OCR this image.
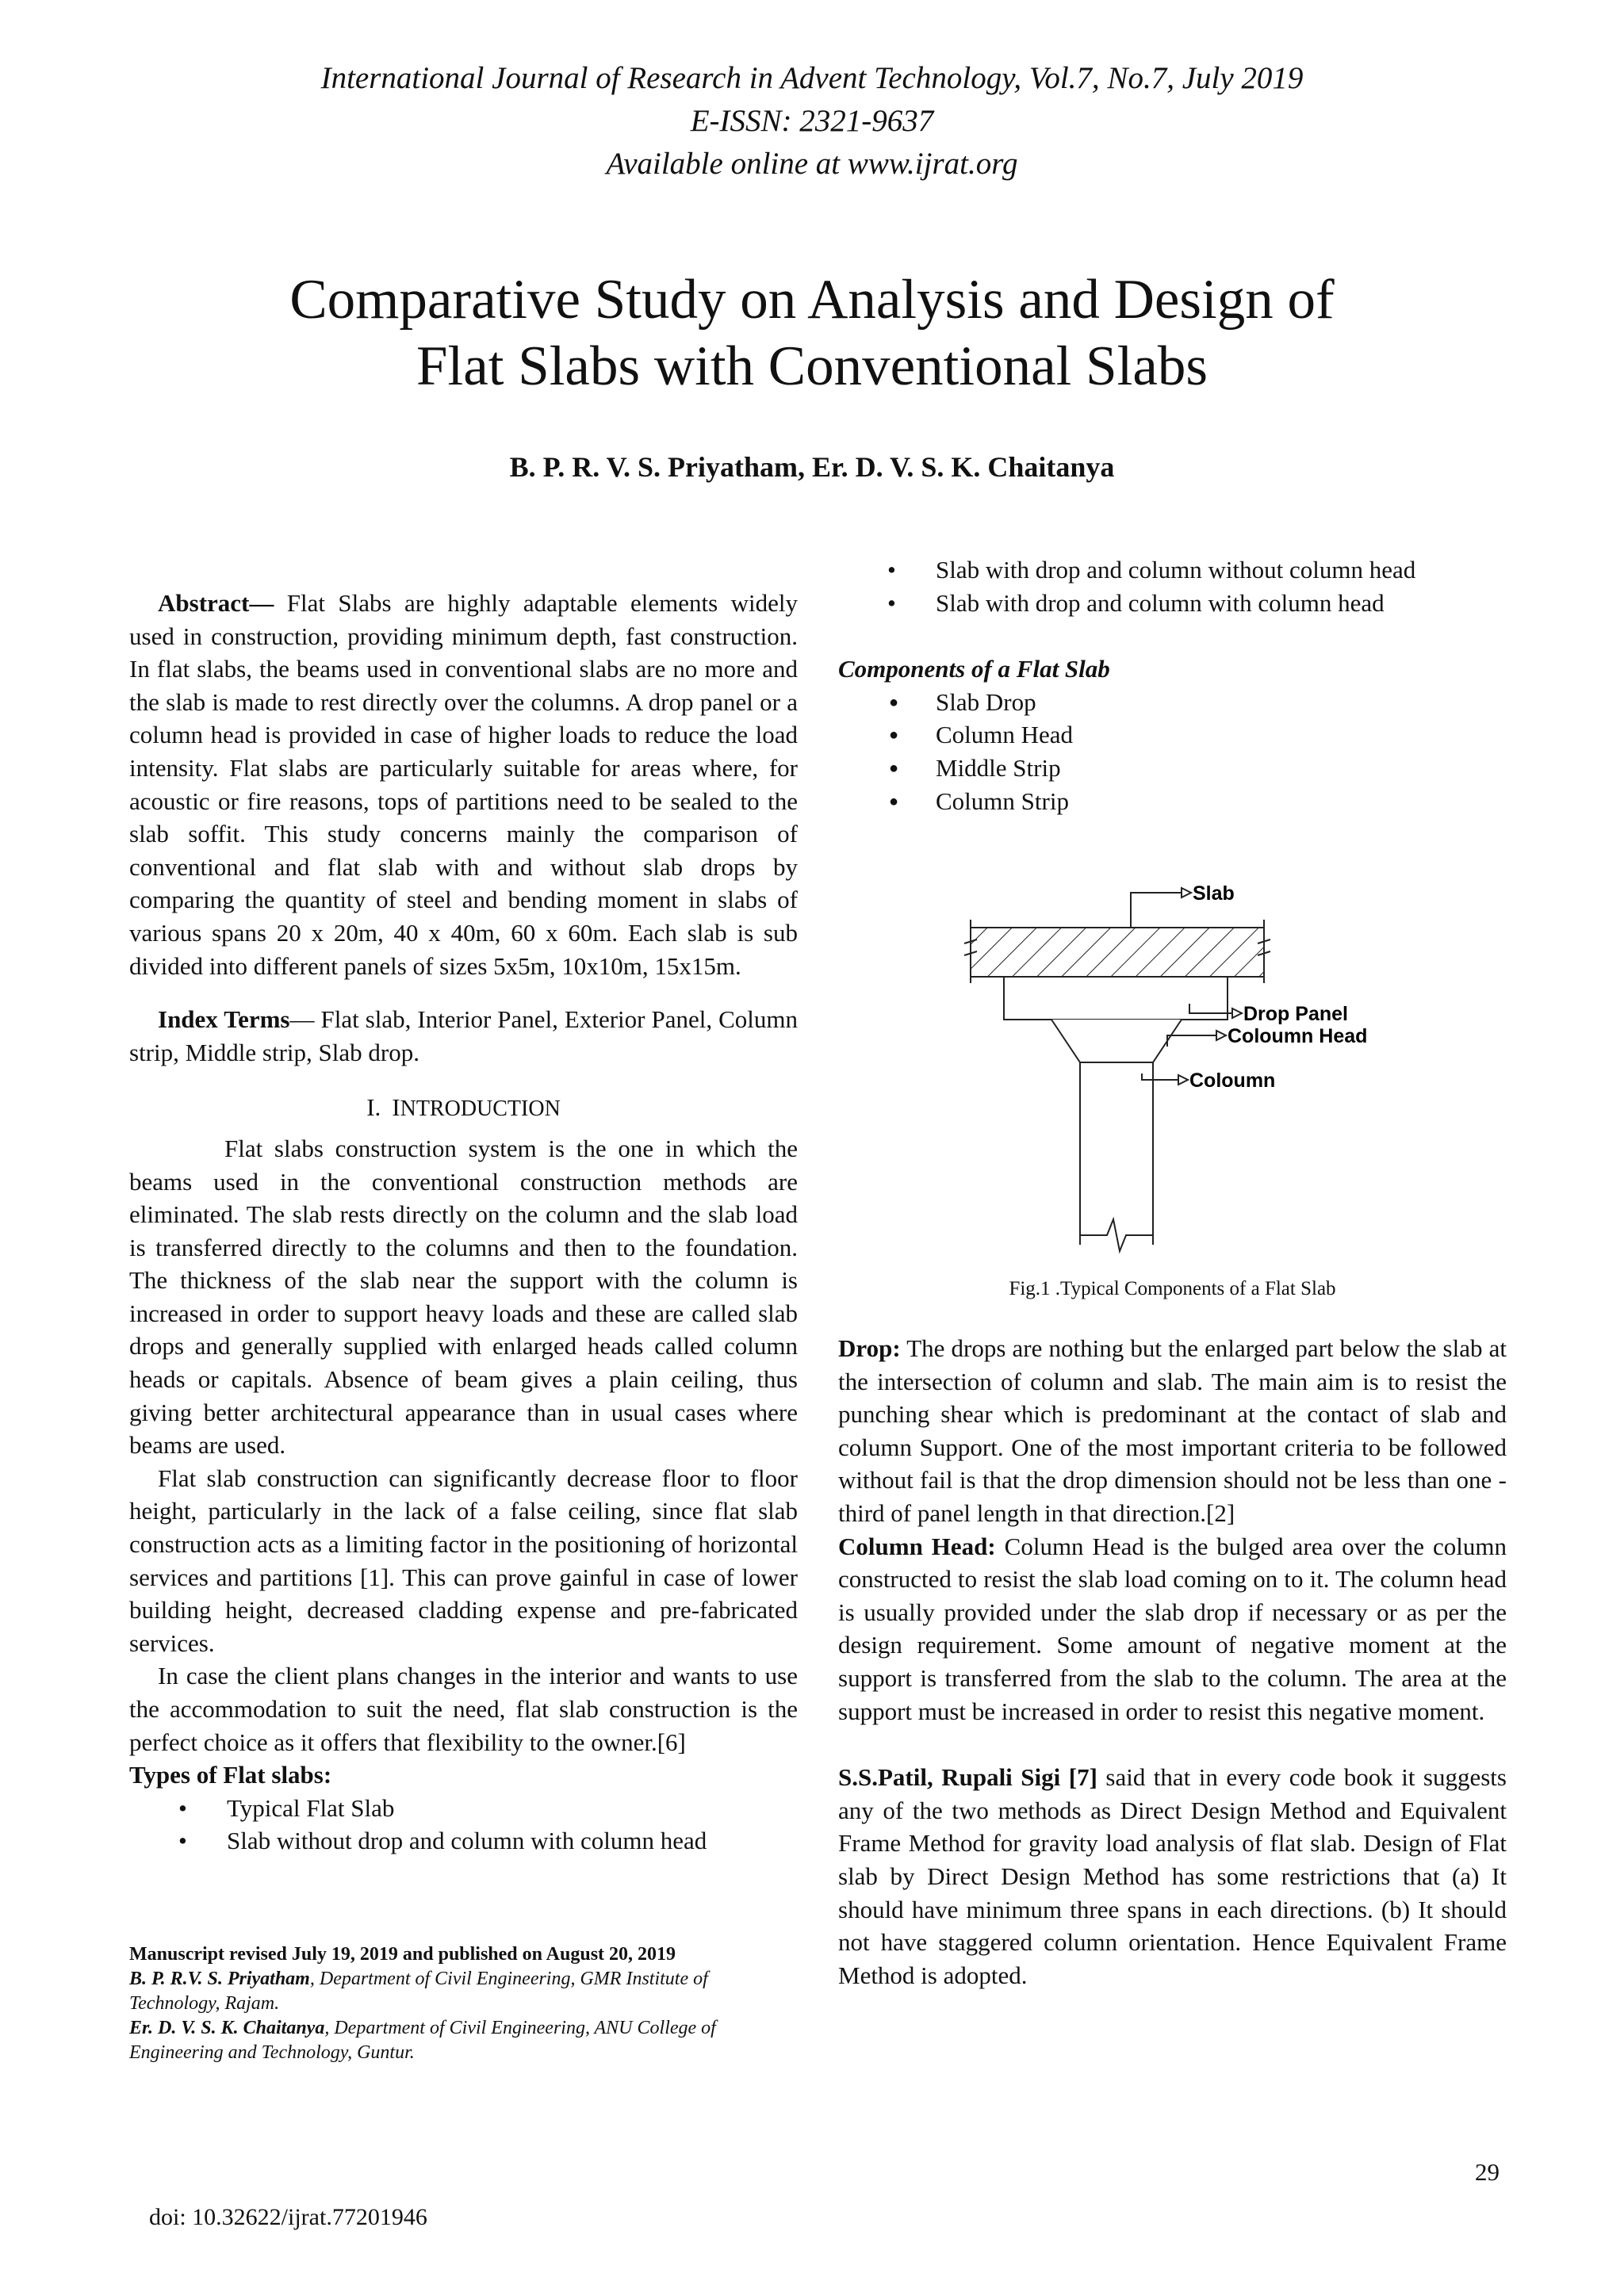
International Journal of Research in Advent Technology, Vol.7, No.7, July 2019
E-ISSN: 2321-9637
Available online at www.ijrat.org
Comparative Study on Analysis and Design of
Flat Slabs with Conventional Slabs
B. P. R. V. S. Priyatham, Er. D. V. S. K. Chaitanya

Abstract— Flat Slabs are highly adaptable elements widely used in construction, providing minimum depth, fast construction. In flat slabs, the beams used in conventional slabs are no more and the slab is made to rest directly over the columns. A drop panel or a column head is provided in case of higher loads to reduce the load intensity. Flat slabs are particularly suitable for areas where, for acoustic or fire reasons, tops of partitions need to be sealed to the slab soffit. This study concerns mainly the comparison of conventional and flat slab with and without slab drops by comparing the quantity of steel and bending moment in slabs of various spans 20 x 20m, 40 x 40m, 60 x 60m. Each slab is sub divided into different panels of sizes 5x5m, 10x10m, 15x15m.

Index Terms— Flat slab, Interior Panel, Exterior Panel, Column strip, Middle strip, Slab drop.

I. INTRODUCTION

Flat slabs construction system is the one in which the beams used in the conventional construction methods are eliminated. The slab rests directly on the column and the slab load is transferred directly to the columns and then to the foundation. The thickness of the slab near the support with the column is increased in order to support heavy loads and these are called slab drops and generally supplied with enlarged heads called column heads or capitals. Absence of beam gives a plain ceiling, thus giving better architectural appearance than in usual cases where beams are used.

Flat slab construction can significantly decrease floor to floor height, particularly in the lack of a false ceiling, since flat slab construction acts as a limiting factor in the positioning of horizontal services and partitions [1]. This can prove gainful in case of lower building height, decreased cladding expense and pre-fabricated services.

In case the client plans changes in the interior and wants to use the accommodation to suit the need, flat slab construction is the perfect choice as it offers that flexibility to the owner.[6]

Types of Flat slabs:

• Typical Flat Slab
• Slab without drop and column with column head

Manuscript revised July 19, 2019 and published on August 20, 2019

B. P. R.V. S. Priyatham, Department of Civil Engineering, GMR Institute of Technology, Rajam.

Er. D. V. S. K. Chaitanya, Department of Civil Engineering, ANU College of Engineering and Technology, Guntur.

• Slab with drop and column without column head
• Slab with drop and column with column head

Components of a Flat Slab

● Slab Drop
● Column Head
● Middle Strip
● Column Strip
Slab
Drop Panel
Coloumn Head
Coloumn
Fig.1 .Typical Components of a Flat Slab

Drop: The drops are nothing but the enlarged part below the slab at the intersection of column and slab. The main aim is to resist the punching shear which is predominant at the contact of slab and column Support. One of the most important criteria to be followed without fail is that the drop dimension should not be less than one -third of panel length in that direction.[2]

Column Head: Column Head is the bulged area over the column constructed to resist the slab load coming on to it. The column head is usually provided under the slab drop if necessary or as per the design requirement. Some amount of negative moment at the support is transferred from the slab to the column. The area at the support must be increased in order to resist this negative moment.

S.S.Patil, Rupali Sigi [7] said that in every code book it suggests any of the two methods as Direct Design Method and Equivalent Frame Method for gravity load analysis of flat slab. Design of Flat slab by Direct Design Method has some restrictions that (a) It should have minimum three spans in each directions. (b) It should not have staggered column orientation. Hence Equivalent Frame Method is adopted.

29
doi: 10.32622/ijrat.77201946
